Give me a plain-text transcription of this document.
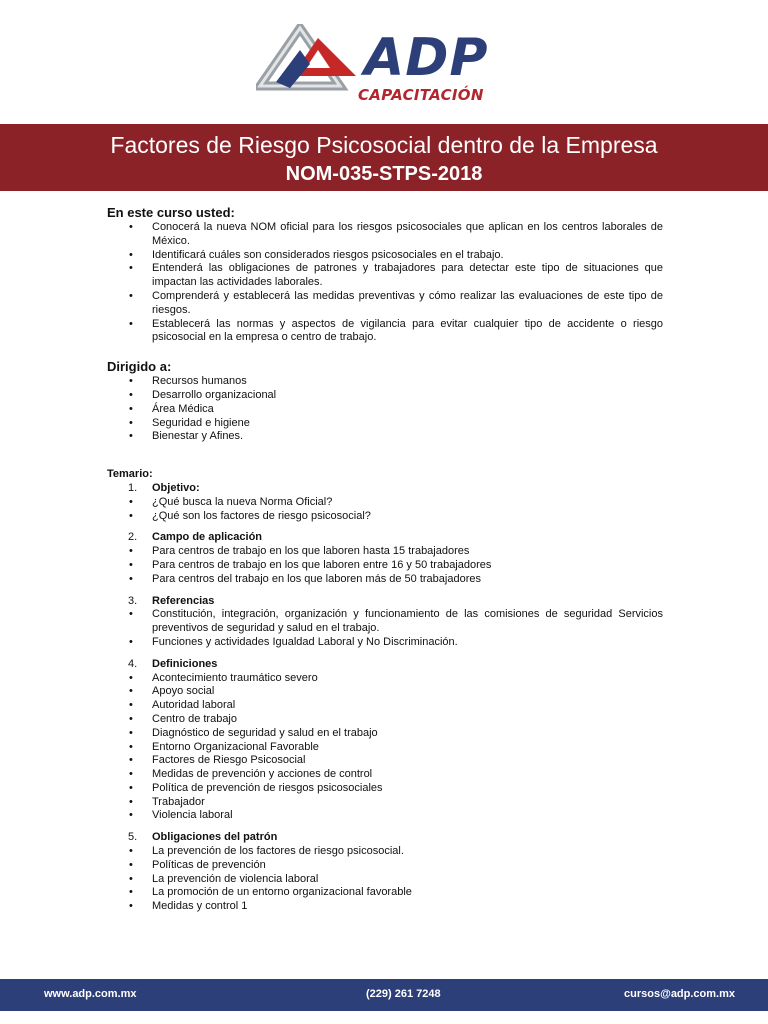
ADP
CAPACITACIÓN
Factores de Riesgo Psicosocial dentro de la Empresa
NOM-035-STPS-2018
En este curso usted:
• Conocerá la nueva NOM oficial para los riesgos psicosociales que aplican en los centros laborales de México.
• Identificará cuáles son considerados riesgos psicosociales en el trabajo.
• Entenderá las obligaciones de patrones y trabajadores para detectar este tipo de situaciones que impactan las actividades laborales.
• Comprenderá y establecerá las medidas preventivas y cómo realizar las evaluaciones de este tipo de riesgos.
• Establecerá las normas y aspectos de vigilancia para evitar cualquier tipo de accidente o riesgo psicosocial en la empresa o centro de trabajo.
Dirigido a:
• Recursos humanos
• Desarrollo organizacional
• Área Médica
• Seguridad e higiene
• Bienestar y Afines.
Temario:
1. Objetivo:
• ¿Qué busca la nueva Norma Oficial?
• ¿Qué son los factores de riesgo psicosocial?
2. Campo de aplicación
• Para centros de trabajo en los que laboren hasta 15 trabajadores
• Para centros de trabajo en los que laboren entre 16 y 50 trabajadores
• Para centros del trabajo en los que laboren más de 50 trabajadores
3. Referencias
• Constitución, integración, organización y funcionamiento de las comisiones de seguridad Servicios preventivos de seguridad y salud en el trabajo.
• Funciones y actividades Igualdad Laboral y No Discriminación.
4. Definiciones
• Acontecimiento traumático severo
• Apoyo social
• Autoridad laboral
• Centro de trabajo
• Diagnóstico de seguridad y salud en el trabajo
• Entorno Organizacional Favorable
• Factores de Riesgo Psicosocial
• Medidas de prevención y acciones de control
• Política de prevención de riesgos psicosociales
• Trabajador
• Violencia laboral
5. Obligaciones del patrón
• La prevención de los factores de riesgo psicosocial.
• Políticas de prevención
• La prevención de violencia laboral
• La promoción de un entorno organizacional favorable
• Medidas y control 1
www.adp.com.mx	(229) 261 7248	cursos@adp.com.mx
